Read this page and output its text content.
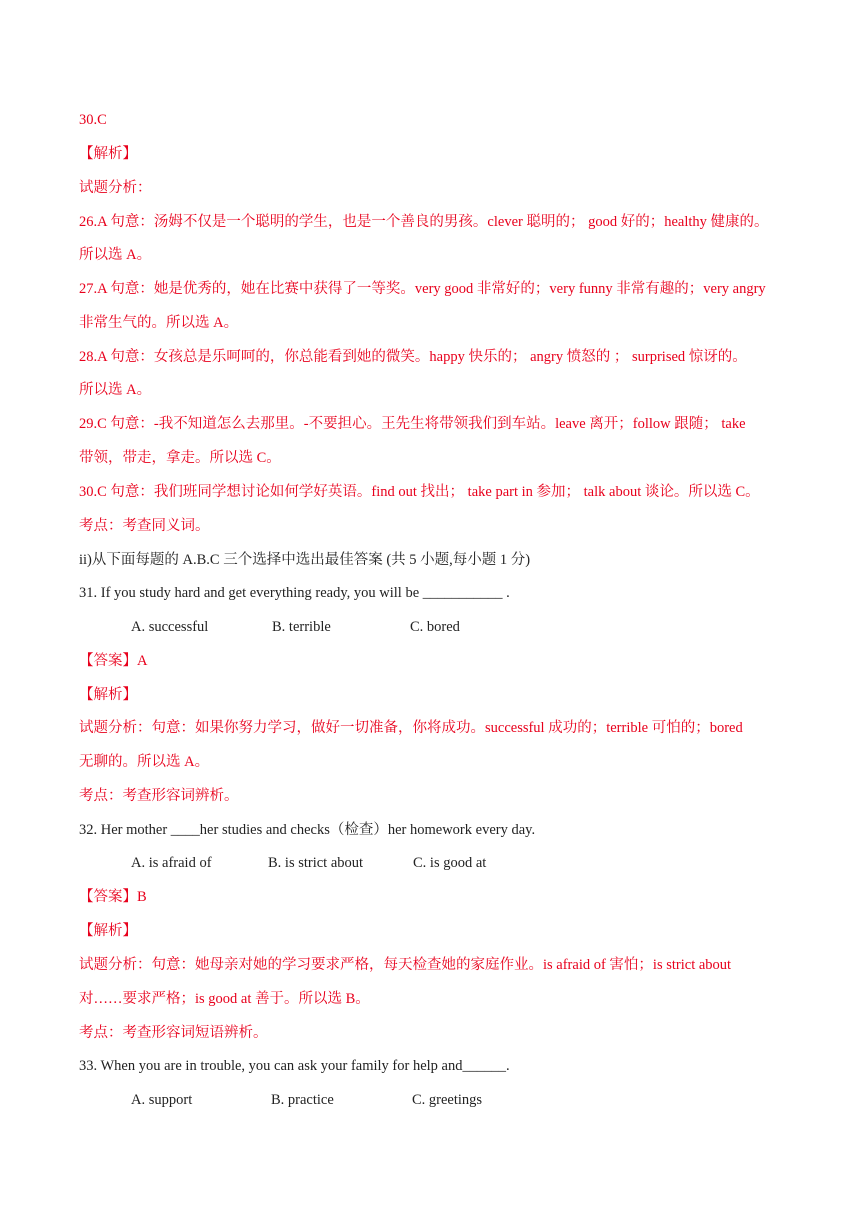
30.C
【解析】
试题分析：
26.A 句意：汤姆不仅是一个聪明的学生，也是一个善良的男孩。clever 聪明的； good 好的；healthy 健康的。
所以选 A。
27.A 句意：她是优秀的，她在比赛中获得了一等奖。very good 非常好的；very funny 非常有趣的；very angry
非常生气的。所以选 A。
28.A 句意：女孩总是乐呵呵的，你总能看到她的微笑。happy 快乐的； angry 愤怒的 ； surprised 惊讶的。
所以选 A。
29.C 句意：-我不知道怎么去那里。-不要担心。王先生将带领我们到车站。leave 离开；follow 跟随； take
带领，带走，拿走。所以选 C。
30.C 句意：我们班同学想讨论如何学好英语。find out 找出； take part in 参加； talk about 谈论。所以选 C。
考点：考查同义词。
ii)从下面每题的 A.B.C 三个选择中选出最佳答案 (共 5 小题,每小题 1 分)
31. If you study hard and get everything ready, you will be ___________ .
A. successful	B. terrible	C. bored
【答案】A
【解析】
试题分析：句意：如果你努力学习，做好一切准备，你将成功。successful 成功的；terrible 可怕的；bored
无聊的。所以选 A。
考点：考查形容词辨析。
32. Her mother ____her studies and checks（检查）her homework every day.
A. is afraid of	B. is strict about	C. is good at
【答案】B
【解析】
试题分析：句意：她母亲对她的学习要求严格，每天检查她的家庭作业。is afraid of 害怕；is strict about
对……要求严格；is good at 善于。所以选 B。
考点：考查形容词短语辨析。
33. When you are in trouble, you can ask your family for help and______.
A. support	B. practice	C. greetings
